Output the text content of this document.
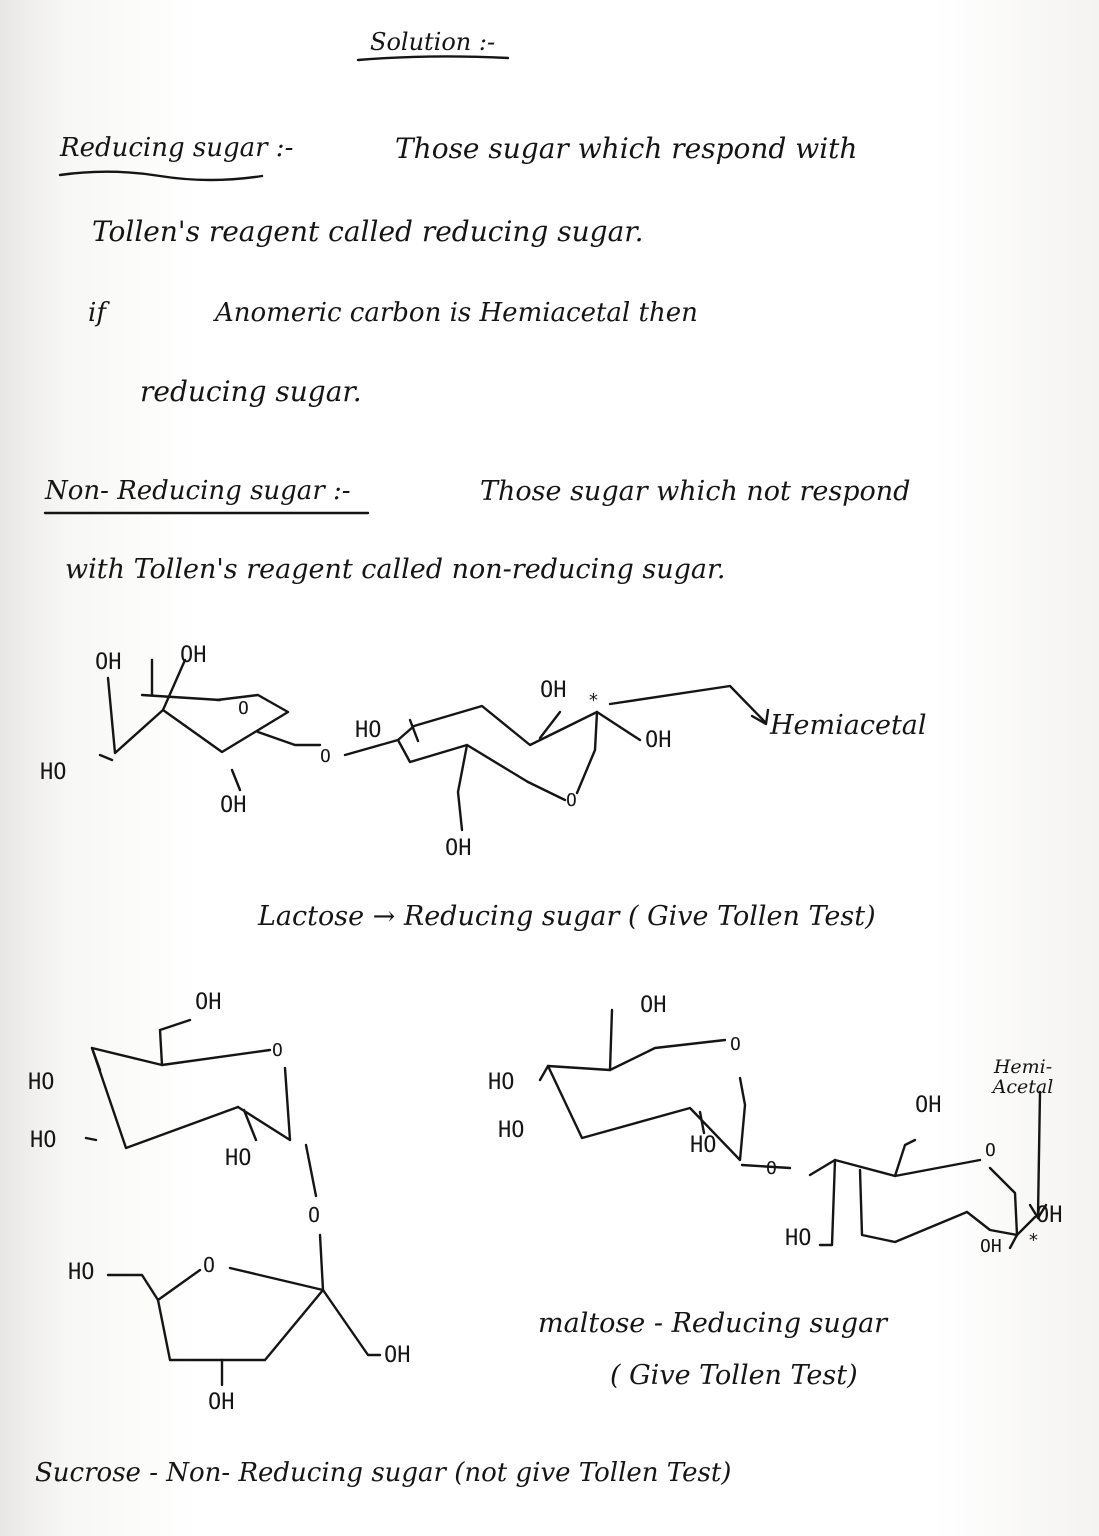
Solution :-
Reducing sugar :-	Those sugar which respond with
Tollen's reagent called reducing sugar.
if	Anomeric carbon is Hemiacetal then
reducing sugar.
Non- Reducing sugar :-	Those sugar which not respond
with Tollen's reagent called non-reducing sugar.
OH	OH
O
HO
O
OH
HO
OH *
OH
O
OH
Hemiacetal
Lactose → Reducing sugar ( Give Tollen Test)
OH
O
HO
HO
HO
O
HO	O
OH
OH
Sucrose - Non- Reducing sugar (not give Tollen Test)
OH
O
HO
HO
HO
O
OH
O
HO
OH
OH *
Hemi-Acetal
maltose - Reducing sugar
( Give Tollen Test)
